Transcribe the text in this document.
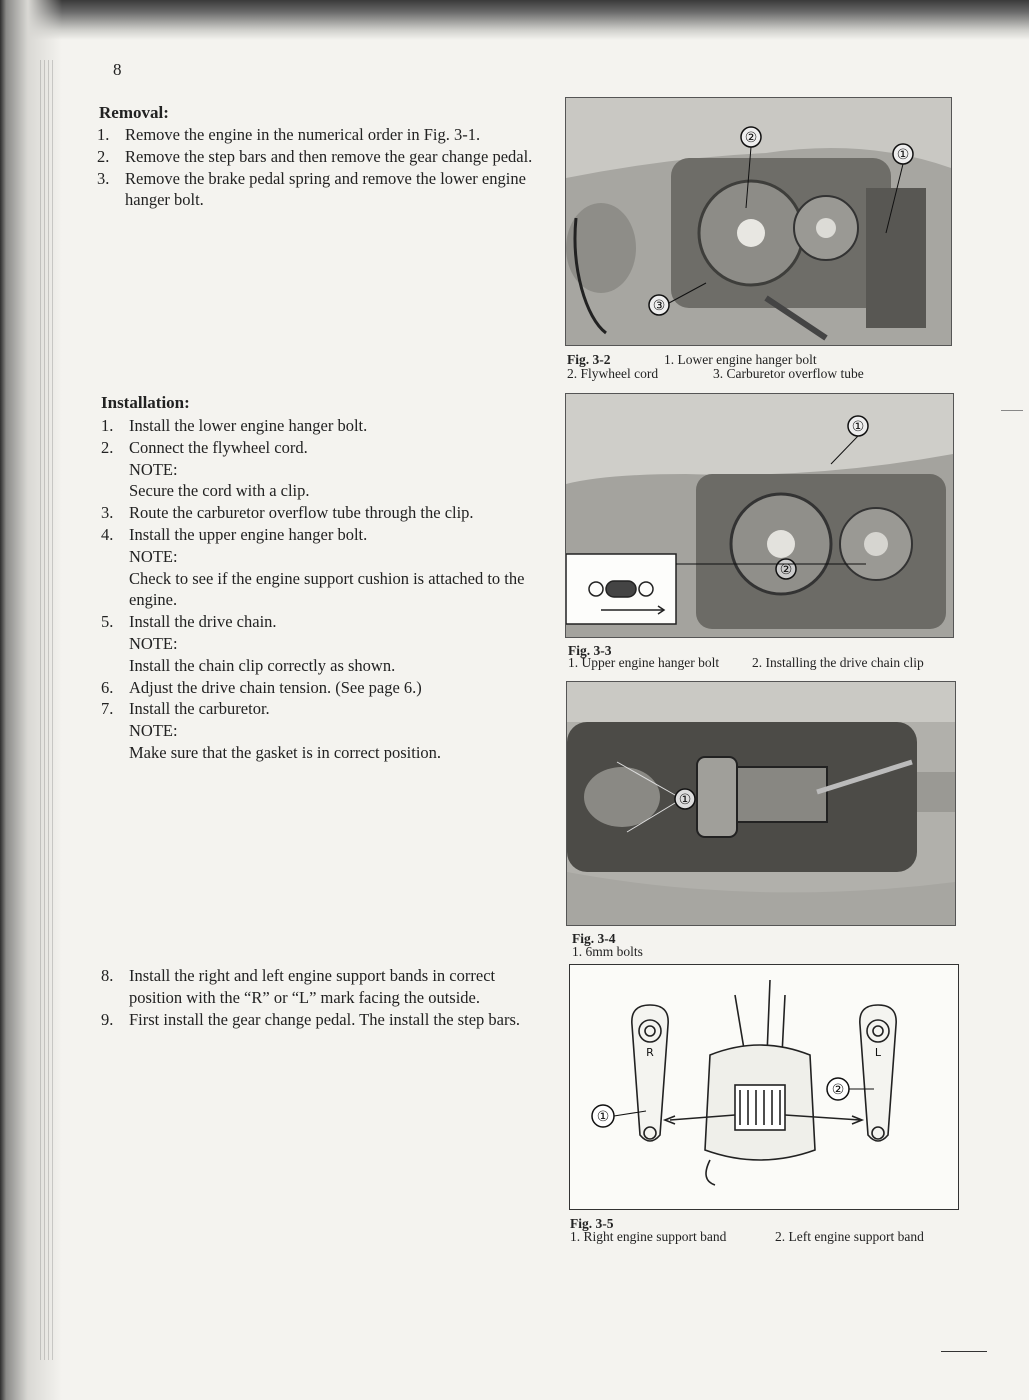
8
Removal:
1. Remove the engine in the numerical order in Fig. 3-1.
2. Remove the step bars and then remove the gear change pedal.
3. Remove the brake pedal spring and remove the lower engine hanger bolt.
Installation:
1. Install the lower engine hanger bolt.
2. Connect the flywheel cord.
NOTE:
Secure the cord with a clip.
3. Route the carburetor overflow tube through the clip.
4. Install the upper engine hanger bolt.
NOTE:
Check to see if the engine support cushion is attached to the engine.
5. Install the drive chain.
NOTE:
Install the chain clip correctly as shown.
6. Adjust the drive chain tension. (See page 6.)
7. Install the carburetor.
NOTE:
Make sure that the gasket is in correct position.
8. Install the right and left engine support bands in correct position with the “R” or “L” mark facing the outside.
9. First install the gear change pedal. The install the step bars.
②
①
③
Fig. 3-2	1. Lower engine hanger bolt
2. Flywheel cord	3. Carburetor overflow tube
①
②
Fig. 3-3
1. Upper engine hanger bolt 2. Installing the drive chain clip
①
Fig. 3-4
1. 6mm bolts
R	L
①
②
Fig. 3-5
1. Right engine support band	2. Left engine support band
